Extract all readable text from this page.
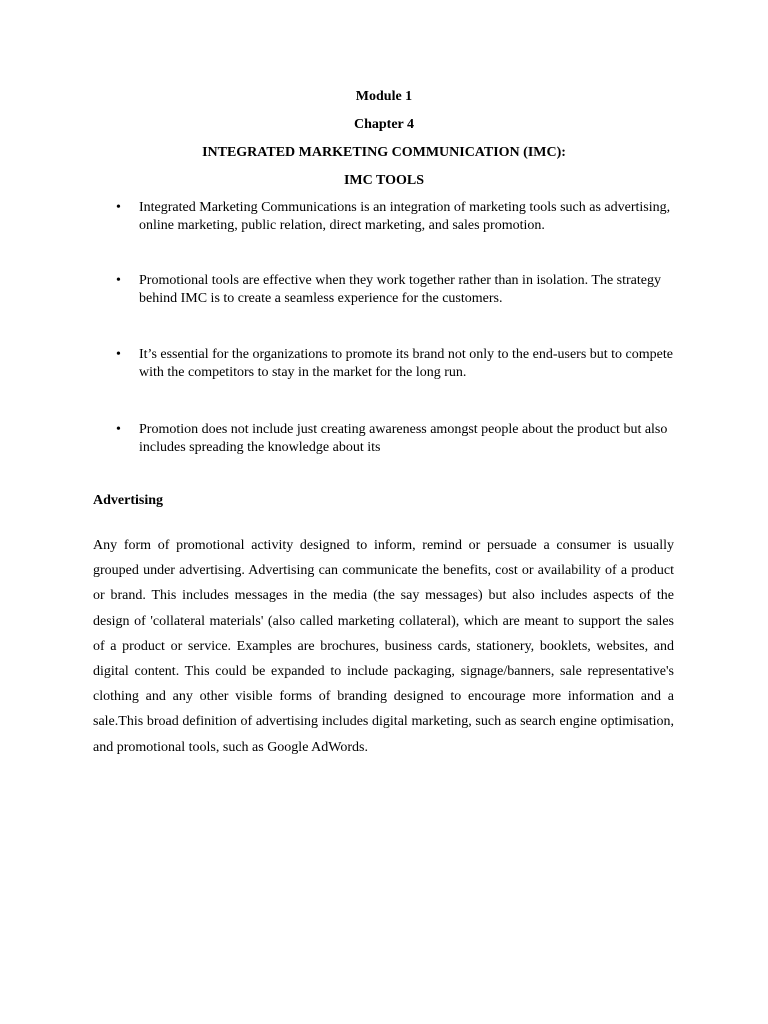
Module 1
Chapter 4
INTEGRATED MARKETING COMMUNICATION (IMC):
IMC TOOLS
• Integrated Marketing Communications is an integration of marketing tools such as advertising, online marketing, public relation, direct marketing, and sales promotion.
• Promotional tools are effective when they work together rather than in isolation. The strategy behind IMC is to create a seamless experience for the customers.
• It’s essential for the organizations to promote its brand not only to the end-users but to compete with the competitors to stay in the market for the long run.
• Promotion does not include just creating awareness amongst people about the product but also includes spreading the knowledge about its
Advertising
Any form of promotional activity designed to inform, remind or persuade a consumer is usually grouped under advertising. Advertising can communicate the benefits, cost or availability of a product or brand. This includes messages in the media (the say messages) but also includes aspects of the design of 'collateral materials' (also called marketing collateral), which are meant to support the sales of a product or service. Examples are brochures, business cards, stationery, booklets, websites, and digital content. This could be expanded to include packaging, signage/banners, sale representative's clothing and any other visible forms of branding designed to encourage more information and a sale.This broad definition of advertising includes digital marketing, such as search engine optimisation, and promotional tools, such as Google AdWords.
